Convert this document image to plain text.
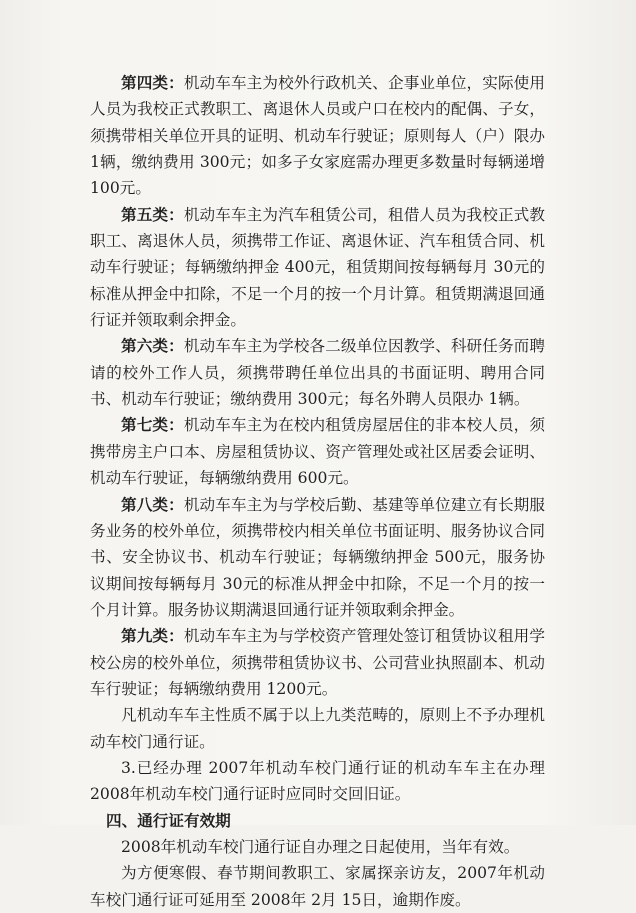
第四类：机动车车主为校外行政机关、企事业单位，实际使用人员为我校正式教职工、离退休人员或户口在校内的配偶、子女，须携带相关单位开具的证明、机动车行驶证；原则每人（户）限办1辆，缴纳费用 300元；如多子女家庭需办理更多数量时每辆递增100元。

第五类：机动车车主为汽车租赁公司，租借人员为我校正式教职工、离退休人员，须携带工作证、离退休证、汽车租赁合同、机动车行驶证；每辆缴纳押金 400元，租赁期间按每辆每月 30元的标准从押金中扣除，不足一个月的按一个月计算。租赁期满退回通行证并领取剩余押金。

第六类：机动车车主为学校各二级单位因教学、科研任务而聘请的校外工作人员，须携带聘任单位出具的书面证明、聘用合同书、机动车行驶证；缴纳费用 300元；每名外聘人员限办 1辆。

第七类：机动车车主为在校内租赁房屋居住的非本校人员，须携带房主户口本、房屋租赁协议、资产管理处或社区居委会证明、机动车行驶证，每辆缴纳费用 600元。

第八类：机动车车主为与学校后勤、基建等单位建立有长期服务业务的校外单位，须携带校内相关单位书面证明、服务协议合同书、安全协议书、机动车行驶证；每辆缴纳押金 500元，服务协议期间按每辆每月 30元的标准从押金中扣除，不足一个月的按一个月计算。服务协议期满退回通行证并领取剩余押金。

第九类：机动车车主为与学校资产管理处签订租赁协议租用学校公房的校外单位，须携带租赁协议书、公司营业执照副本、机动车行驶证；每辆缴纳费用 1200元。

凡机动车车主性质不属于以上九类范畴的，原则上不予办理机动车校门通行证。

3.已经办理 2007年机动车校门通行证的机动车车主在办理 2008年机动车校门通行证时应同时交回旧证。

四、通行证有效期

2008年机动车校门通行证自办理之日起使用，当年有效。

为方便寒假、春节期间教职工、家属探亲访友，2007年机动车校门通行证可延用至 2008年 2月 15日，逾期作废。
